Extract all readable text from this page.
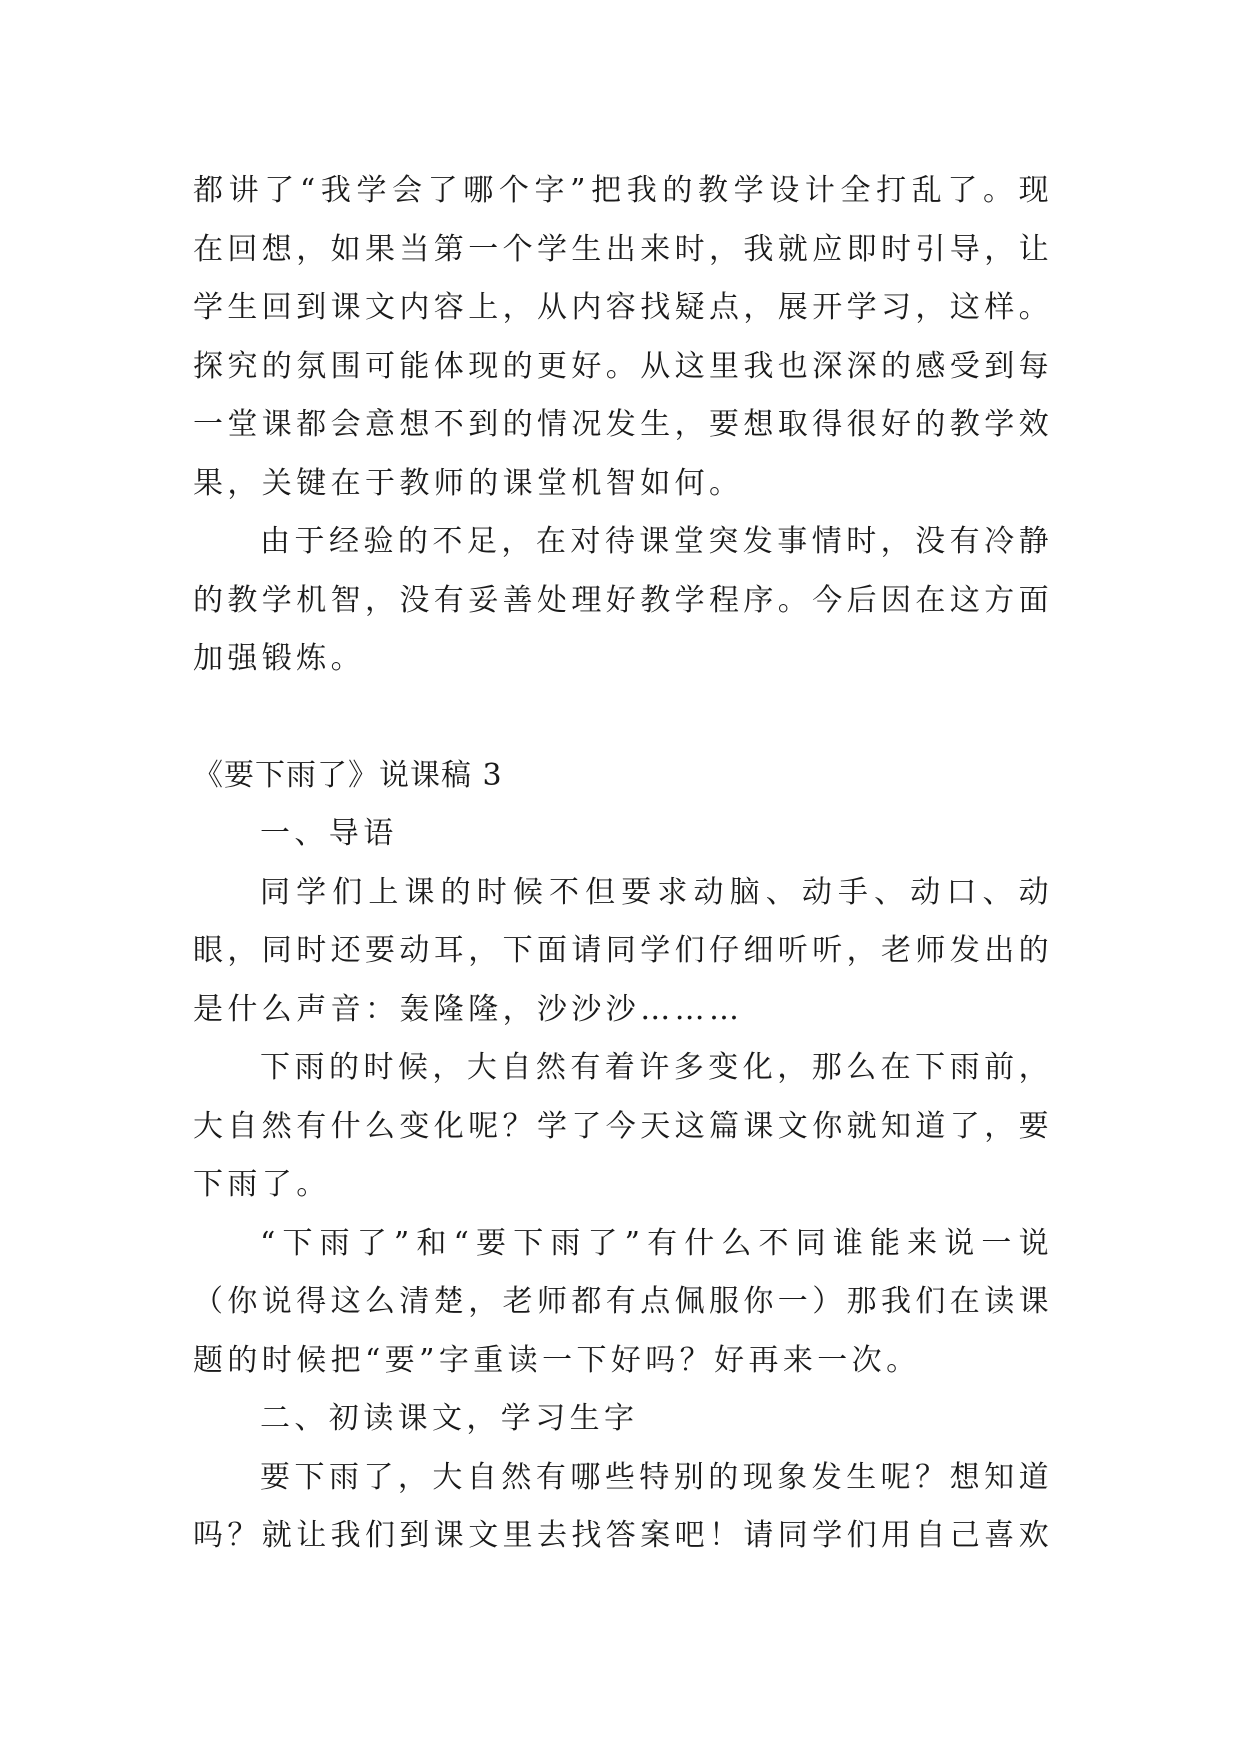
都讲了“我学会了哪个字”把我的教学设计全打乱了。现在回想，如果当第一个学生出来时，我就应即时引导，让学生回到课文内容上，从内容找疑点，展开学习，这样。探究的氛围可能体现的更好。从这里我也深深的感受到每一堂课都会意想不到的情况发生，要想取得很好的教学效果，关键在于教师的课堂机智如何。

由于经验的不足，在对待课堂突发事情时，没有冷静的教学机智，没有妥善处理好教学程序。今后因在这方面加强锻炼。

《要下雨了》说课稿 3

一、导语

同学们上课的时候不但要求动脑、动手、动口、动眼，同时还要动耳，下面请同学们仔细听听，老师发出的是什么声音：轰隆隆，沙沙沙………

下雨的时候，大自然有着许多变化，那么在下雨前，大自然有什么变化呢？学了今天这篇课文你就知道了，要下雨了。

“下雨了”和“要下雨了”有什么不同谁能来说一说（你说得这么清楚，老师都有点佩服你一）那我们在读课题的时候把“要”字重读一下好吗？好再来一次。

二、初读课文，学习生字

要下雨了，大自然有哪些特别的现象发生呢？想知道吗？就让我们到课文里去找答案吧！请同学们用自己喜欢
